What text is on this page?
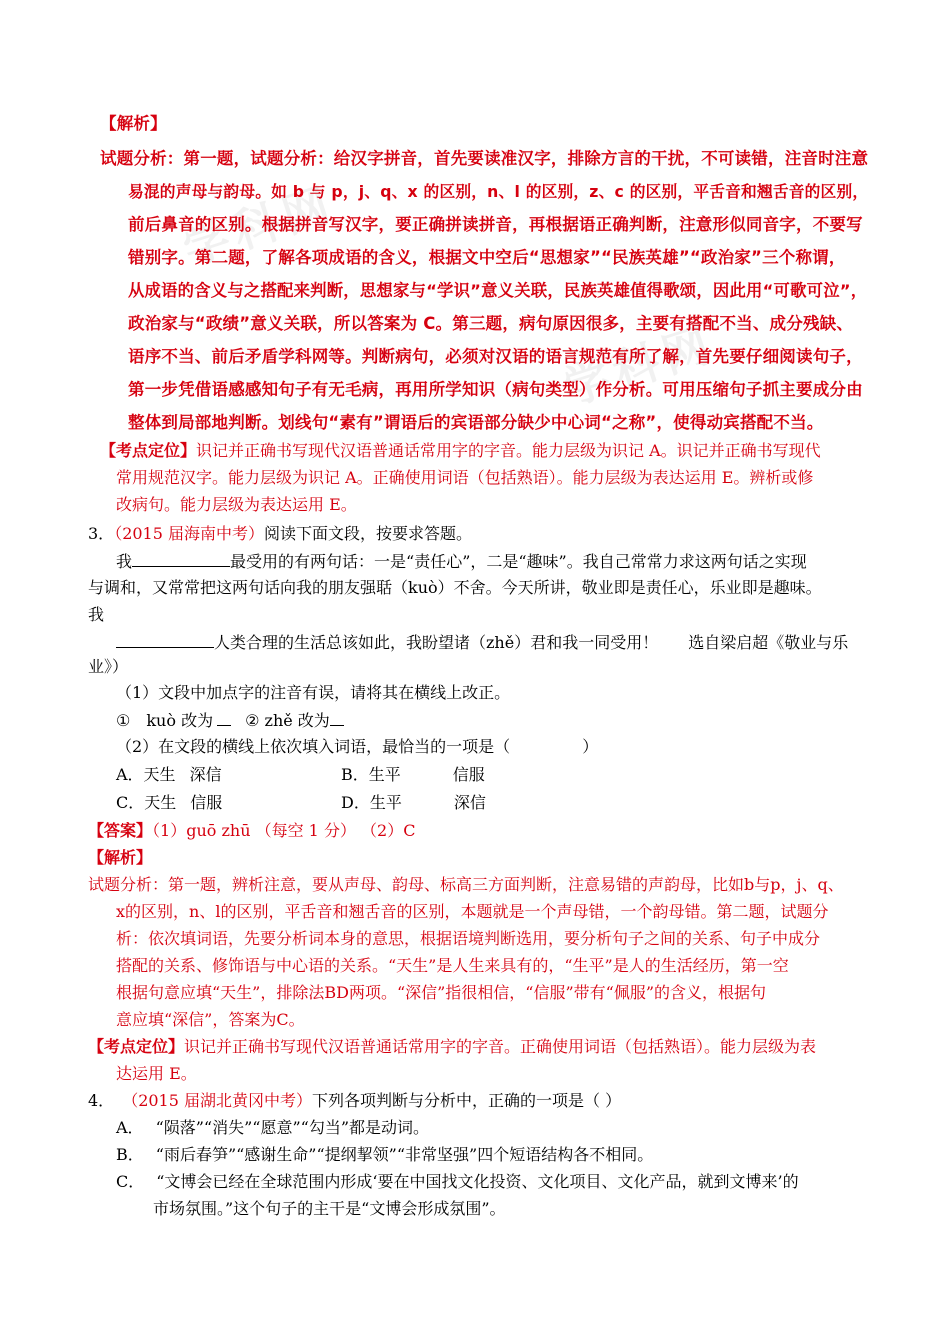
学科网
学科网
【解析】
试题分析：第一题，试题分析：给汉字拼音，首先要读准汉字，排除方言的干扰，不可读错，注音时注意
易混的声母与韵母。如 b 与 p，j、q、x 的区别，n、l 的区别，z、c 的区别，平舌音和翘舌音的区别，
前后鼻音的区别。根据拼音写汉字，要正确拼读拼音，再根据语正确判断，注意形似同音字，不要写
错别字。第二题，了解各项成语的含义，根据文中空后“思想家”“民族英雄”“政治家”三个称谓，
从成语的含义与之搭配来判断，思想家与“学识”意义关联，民族英雄值得歌颂，因此用“可歌可泣”，
政治家与“政绩”意义关联，所以答案为 C。第三题，病句原因很多，主要有搭配不当、成分残缺、
语序不当、前后矛盾学科网等。判断病句，必须对汉语的语言规范有所了解，首先要仔细阅读句子，
第一步凭借语感感知句子有无毛病，再用所学知识（病句类型）作分析。可用压缩句子抓主要成分由
整体到局部地判断。划线句“素有”谓语后的宾语部分缺少中心词“之称”，使得动宾搭配不当。
【考点定位】识记并正确书写现代汉语普通话常用字的字音。能力层级为识记 A。识记并正确书写现代
常用规范汉字。能力层级为识记 A。正确使用词语（包括熟语）。能力层级为表达运用 E。辨析或修
改病句。能力层级为表达运用 E。
3．（2015 届海南中考）阅读下面文段，按要求答题。
我	最受用的有两句话：一是“责任心”，二是“趣味”。我自己常常力求这两句话之实现
与调和，又常常把这两句话向我的朋友强聒（kuò）不舍。今天所讲，敬业即是责任心，乐业即是趣味。
我
人类合理的生活总该如此，我盼望诸（zhě）君和我一同受用！ 选自梁启超《敬业与乐
业》）
（1）文段中加点字的注音有误，请将其在横线上改正。
① kuò 改为 ② zhě 改为
（2）在文段的横线上依次填入词语，最恰当的一项是（	）
A．天生 深信	B．生平	信服
C．天生 信服	D．生平	深信
【答案】（1）guō zhū （每空 1 分） （2）C
【解析】
试题分析：第一题，辨析注意，要从声母、韵母、标高三方面判断，注意易错的声韵母，比如b与p，j、q、
x的区别，n、l的区别，平舌音和翘舌音的区别，本题就是一个声母错，一个韵母错。第二题，试题分
析：依次填词语，先要分析词本身的意思，根据语境判断选用，要分析句子之间的关系、句子中成分
搭配的关系、修饰语与中心语的关系。“天生”是人生来具有的，“生平”是人的生活经历，第一空
根据句意应填“天生”，排除法BD两项。“深信”指很相信，“信服”带有“佩服”的含义，根据句
意应填“深信”，答案为C。
【考点定位】识记并正确书写现代汉语普通话常用字的字音。正确使用词语（包括熟语）。能力层级为表
达运用 E。
4． （2015 届湖北黄冈中考）下列各项判断与分析中，正确的一项是（ ）
A． “陨落”“消失”“愿意”“勾当”都是动词。
B． “雨后春笋”“感谢生命”“提纲挈领”“非常坚强”四个短语结构各不相同。
C． “文博会已经在全球范围内形成‘要在中国找文化投资、文化项目、文化产品，就到文博来’的
市场氛围。”这个句子的主干是“文博会形成氛围”。
